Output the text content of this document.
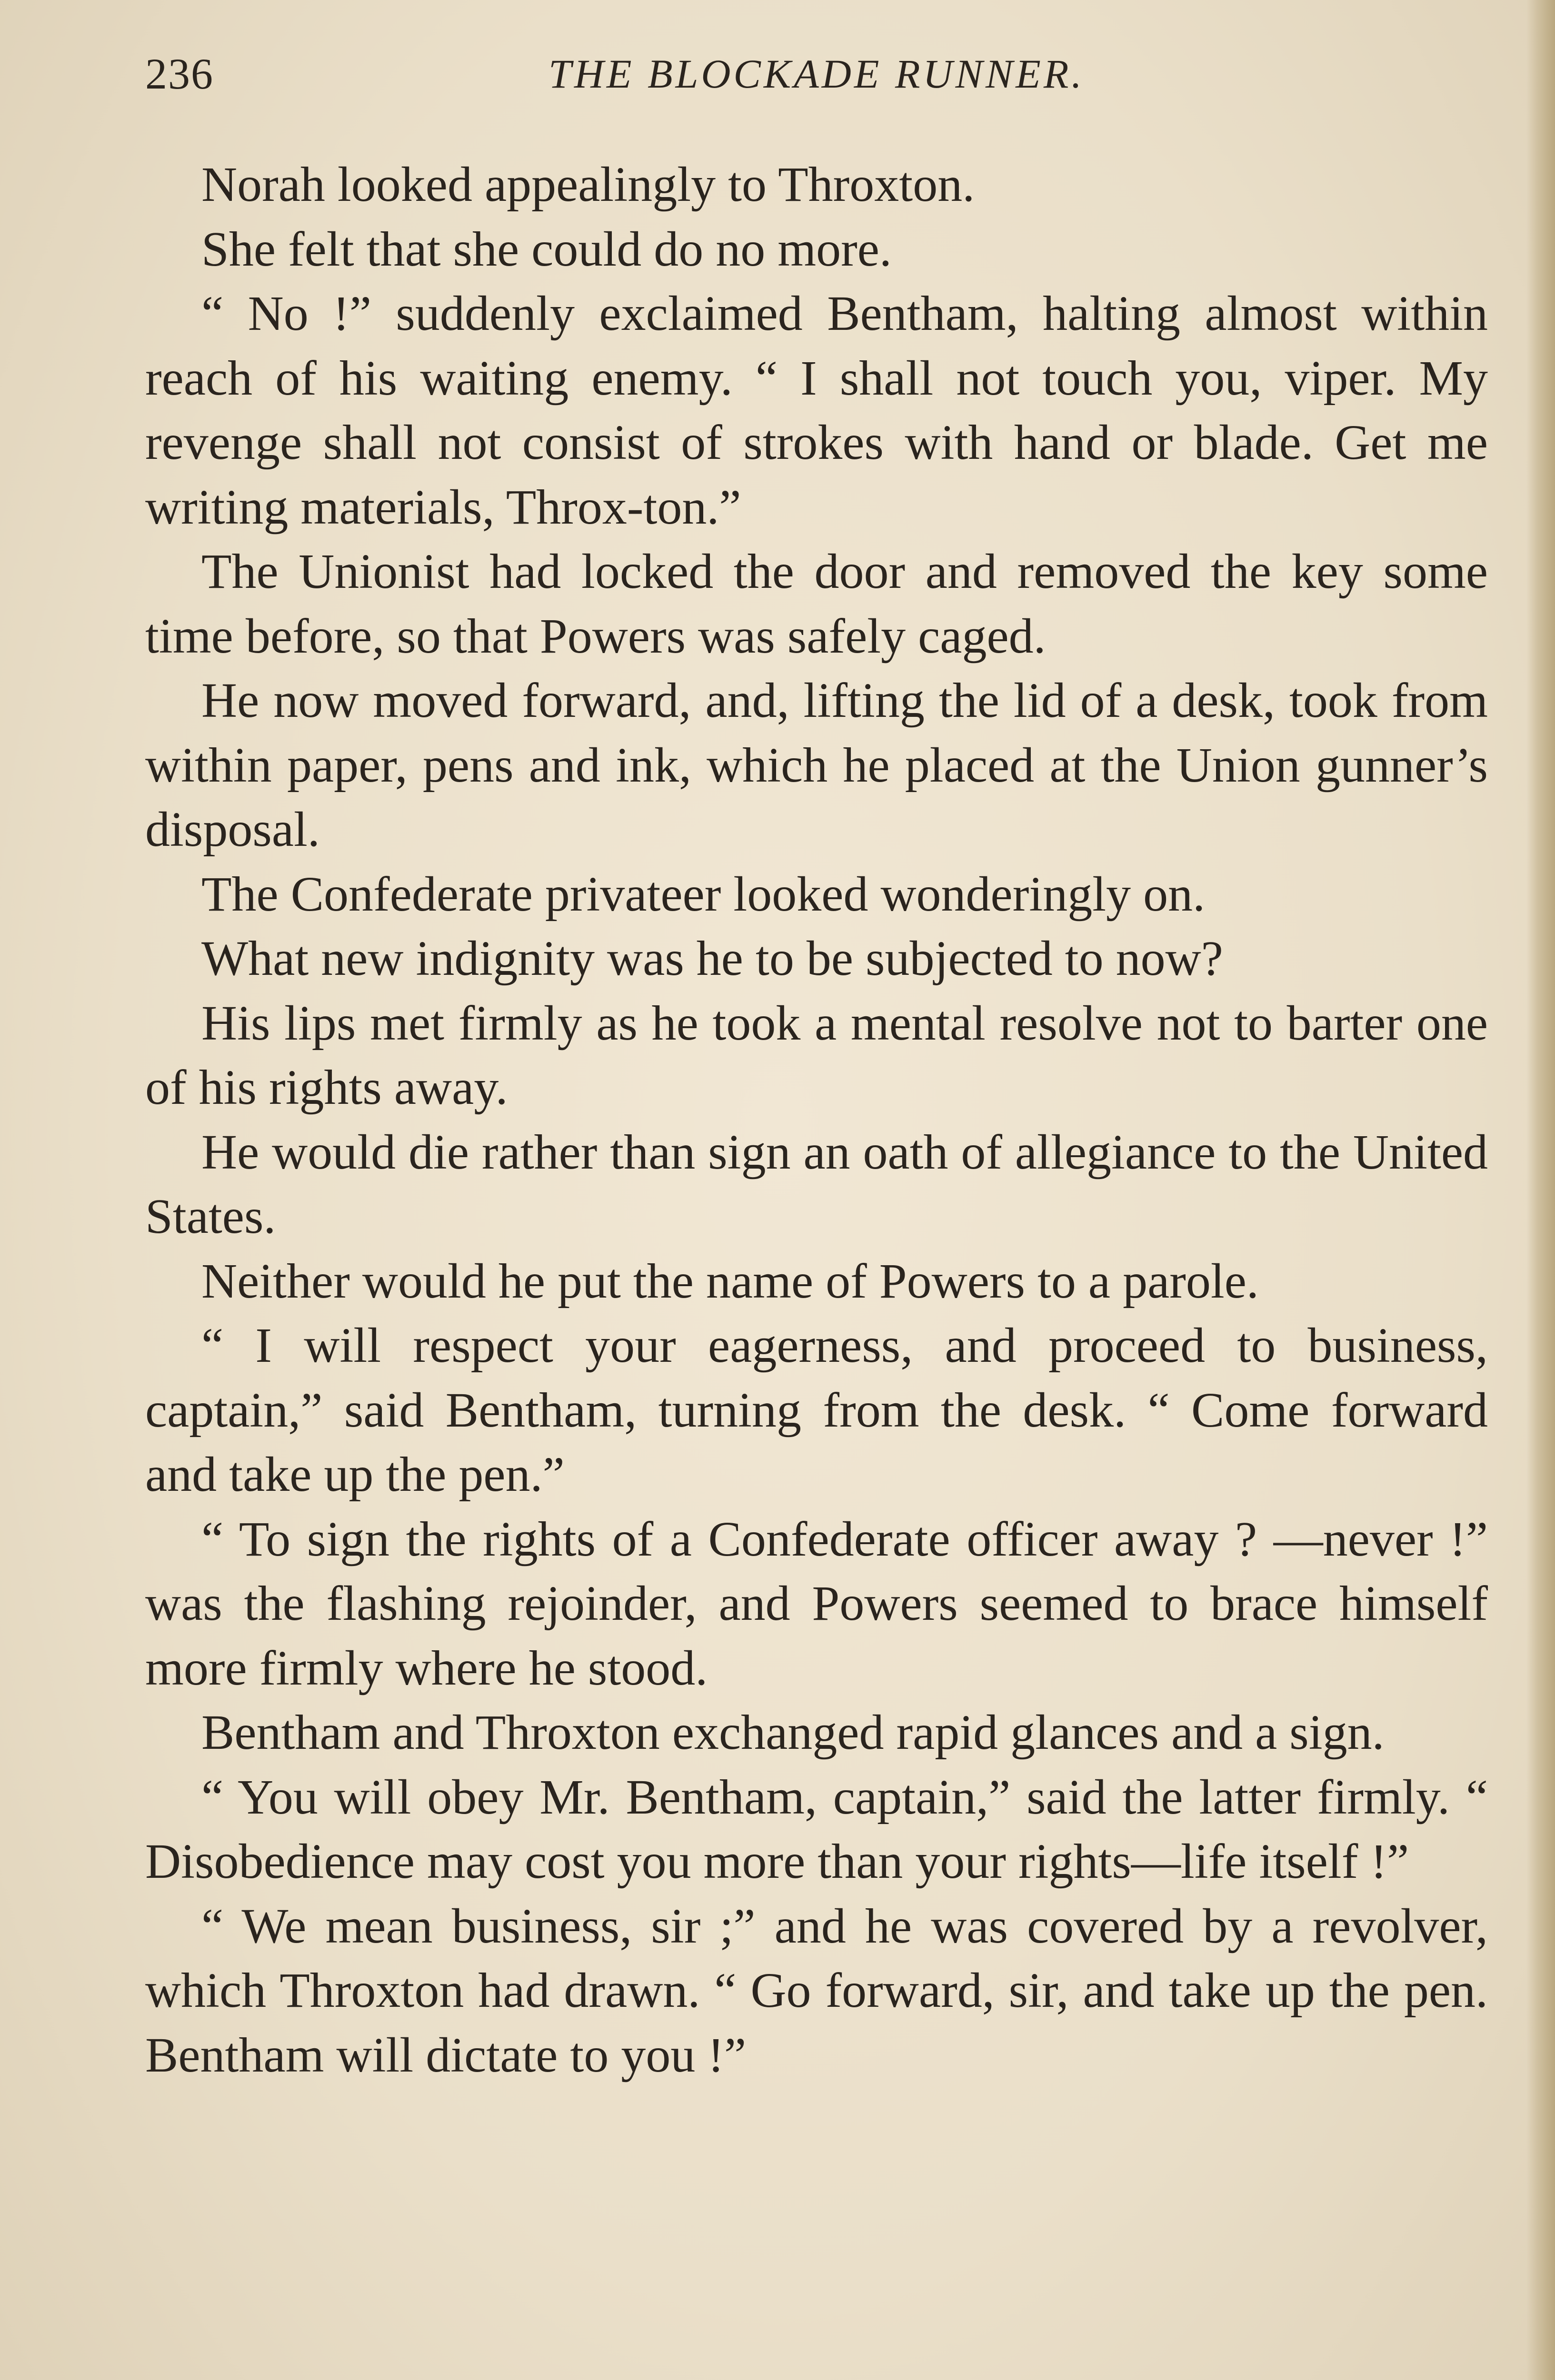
236	THE BLOCKADE RUNNER.

Norah looked appealingly to Throxton.

She felt that she could do no more.

“ No !” suddenly exclaimed Bentham, halting almost within reach of his waiting enemy. “ I shall not touch you, viper. My revenge shall not consist of strokes with hand or blade. Get me writing materials, Throx-ton.”

The Unionist had locked the door and removed the key some time before, so that Powers was safely caged.

He now moved forward, and, lifting the lid of a desk, took from within paper, pens and ink, which he placed at the Union gunner’s disposal.

The Confederate privateer looked wonderingly on.

What new indignity was he to be subjected to now?

His lips met firmly as he took a mental resolve not to barter one of his rights away.

He would die rather than sign an oath of allegiance to the United States.

Neither would he put the name of Powers to a parole.

“ I will respect your eagerness, and proceed to business, captain,” said Bentham, turning from the desk. “ Come forward and take up the pen.”

“ To sign the rights of a Confederate officer away ? —never !” was the flashing rejoinder, and Powers seemed to brace himself more firmly where he stood.

Bentham and Throxton exchanged rapid glances and a sign.

“ You will obey Mr. Bentham, captain,” said the latter firmly. “ Disobedience may cost you more than your rights—life itself !”

“ We mean business, sir ;” and he was covered by a revolver, which Throxton had drawn. “ Go forward, sir, and take up the pen. Bentham will dictate to you !”
